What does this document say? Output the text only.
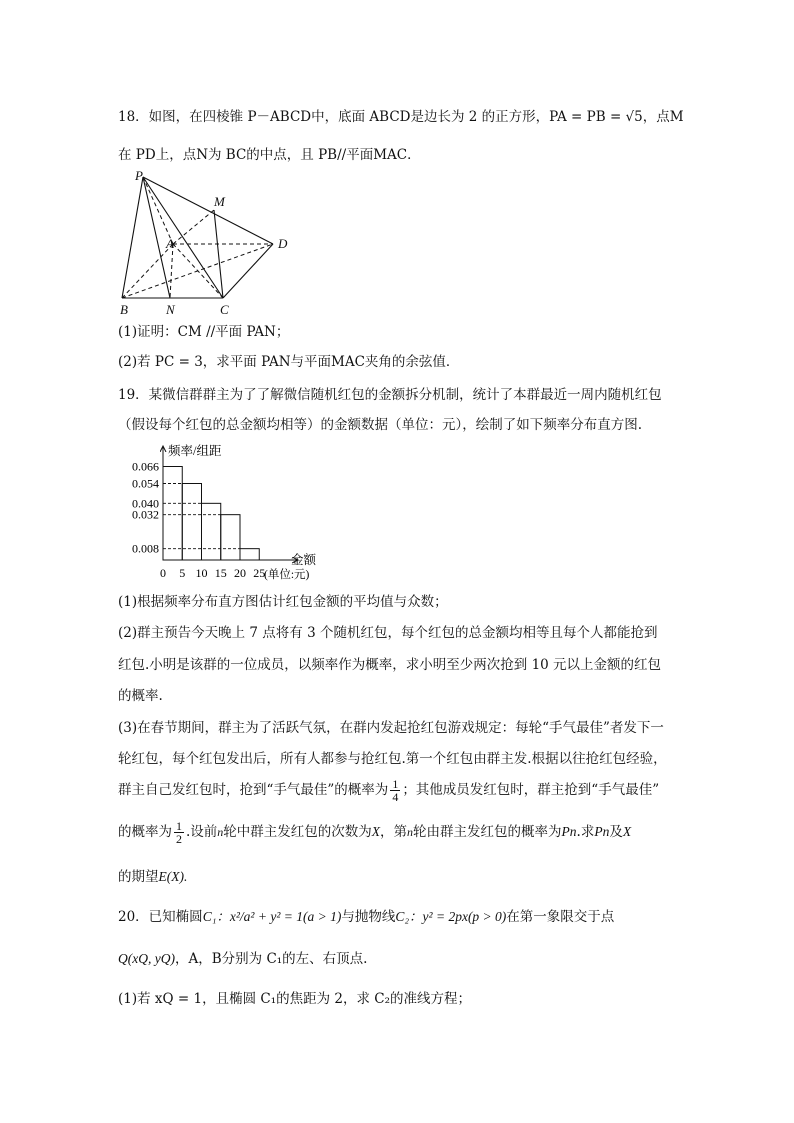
18．如图，在四棱锥 P－ABCD中，底面 ABCD是边长为 2 的正方形，PA = PB = √5，点M
在 PD上，点N为 BC的中点，且 PB//平面MAC．
P
M
A	D
B	N	C
(1)证明：CM //平面 PAN；
(2)若 PC = 3，求平面 PAN与平面MAC夹角的余弦值．
19．某微信群群主为了了解微信随机红包的金额拆分机制，统计了本群最近一周内随机红包
（假设每个红包的总金额均相等）的金额数据（单位：元），绘制了如下频率分布直方图.
频率/组距
金额
(单位:元)
0.066
0.054
0.040
0.032
0.008
0 5 10 15 20 25
(1)根据频率分布直方图估计红包金额的平均值与众数；
(2)群主预告今天晚上 7 点将有 3 个随机红包，每个红包的总金额均相等且每个人都能抢到
红包.小明是该群的一位成员，以频率作为概率，求小明至少两次抢到 10 元以上金额的红包
的概率.
(3)在春节期间，群主为了活跃气氛，在群内发起抢红包游戏规定：每轮“手气最佳”者发下一
轮红包，每个红包发出后，所有人都参与抢红包.第一个红包由群主发.根据以往抢红包经验，
群主自己发红包时，抢到“手气最佳”的概率为 $\frac{1}{4}$ ；其他成员发红包时，群主抢到“手气最佳”
的概率为 $\frac{1}{2}$ .设前n轮中群主发红包的次数为X，第n轮由群主发红包的概率为Pn.求Pn及X
的期望E(X).
20．已知椭圆C₁：x²/a² + y² = 1(a > 1)与抛物线C₂：y² = 2px(p > 0)在第一象限交于点
Q(xQ, yQ)，A，B分别为 C₁的左、右顶点.
(1)若 xQ = 1，且椭圆 C₁的焦距为 2，求 C₂的准线方程；
